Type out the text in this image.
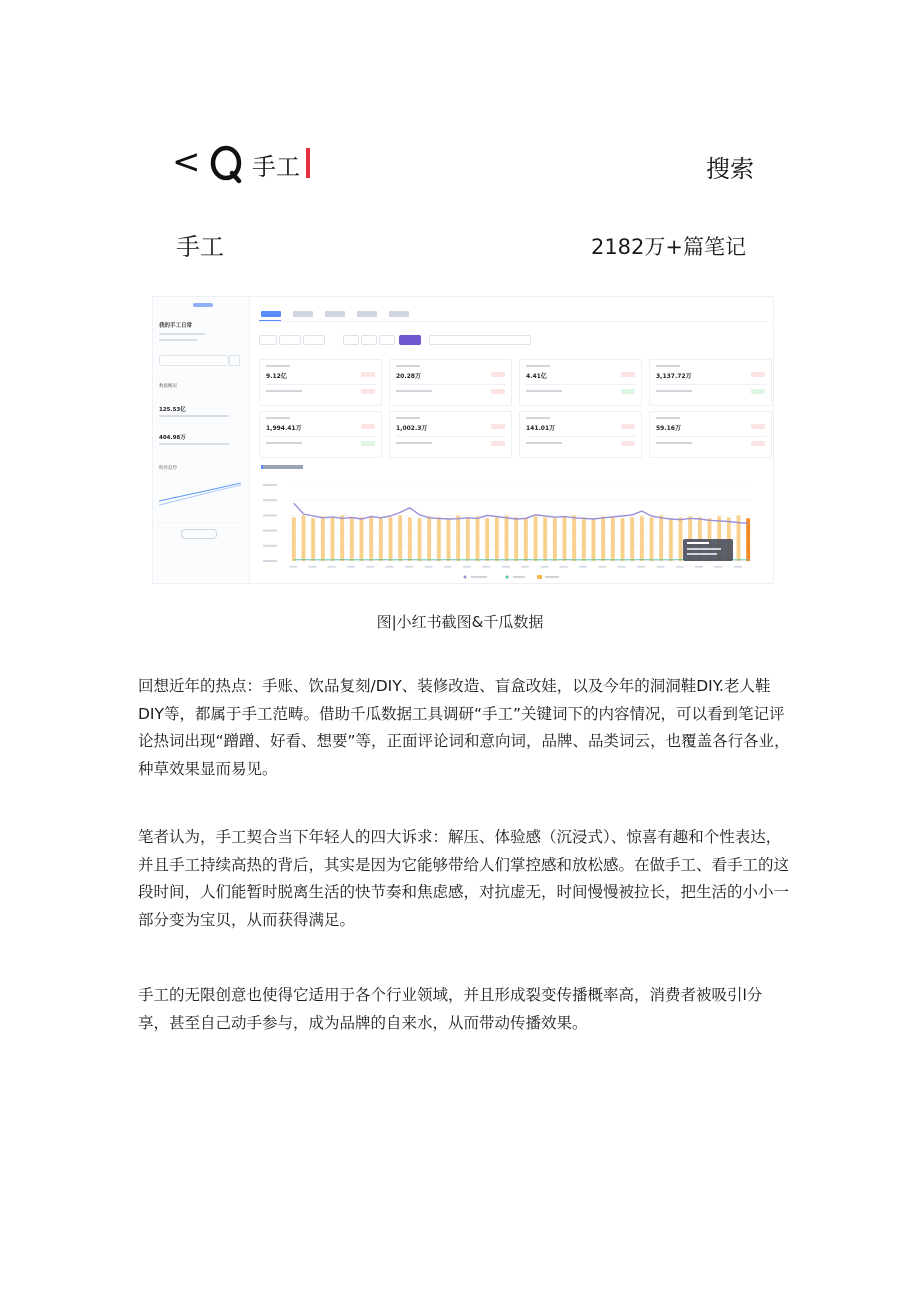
< 手工	搜索
手工	2182万+篇笔记
我的手工日常
数据概况
125.53亿
404.98万
粉丝趋势
9.12亿	20.28万	4.41亿	3,137.72万
1,994.41万	1,002.3万	141.01万	59.16万
图|小红书截图&千瓜数据

回想近年的热点：手账、饮品复刻/DIY、装修改造、盲盒改娃，以及今年的洞洞鞋DIY.老人鞋DIY等，都属于手工范畴。借助千瓜数据工具调研“手工”关键词下的内容情况，可以看到笔记评论热词出现“蹭蹭、好看、想要”等，正面评论词和意向词，品牌、品类词云，也覆盖各行各业，种草效果显而易见。

笔者认为，手工契合当下年轻人的四大诉求：解压、体验感（沉浸式）、惊喜有趣和个性表达，并且手工持续高热的背后，其实是因为它能够带给人们掌控感和放松感。在做手工、看手工的这段时间，人们能暂时脱离生活的快节奏和焦虑感，对抗虚无，时间慢慢被拉长，把生活的小小一部分变为宝贝，从而获得满足。

手工的无限创意也使得它适用于各个行业领域，并且形成裂变传播概率高，消费者被吸引l分享，甚至自己动手参与，成为品牌的自来水，从而带动传播效果。
